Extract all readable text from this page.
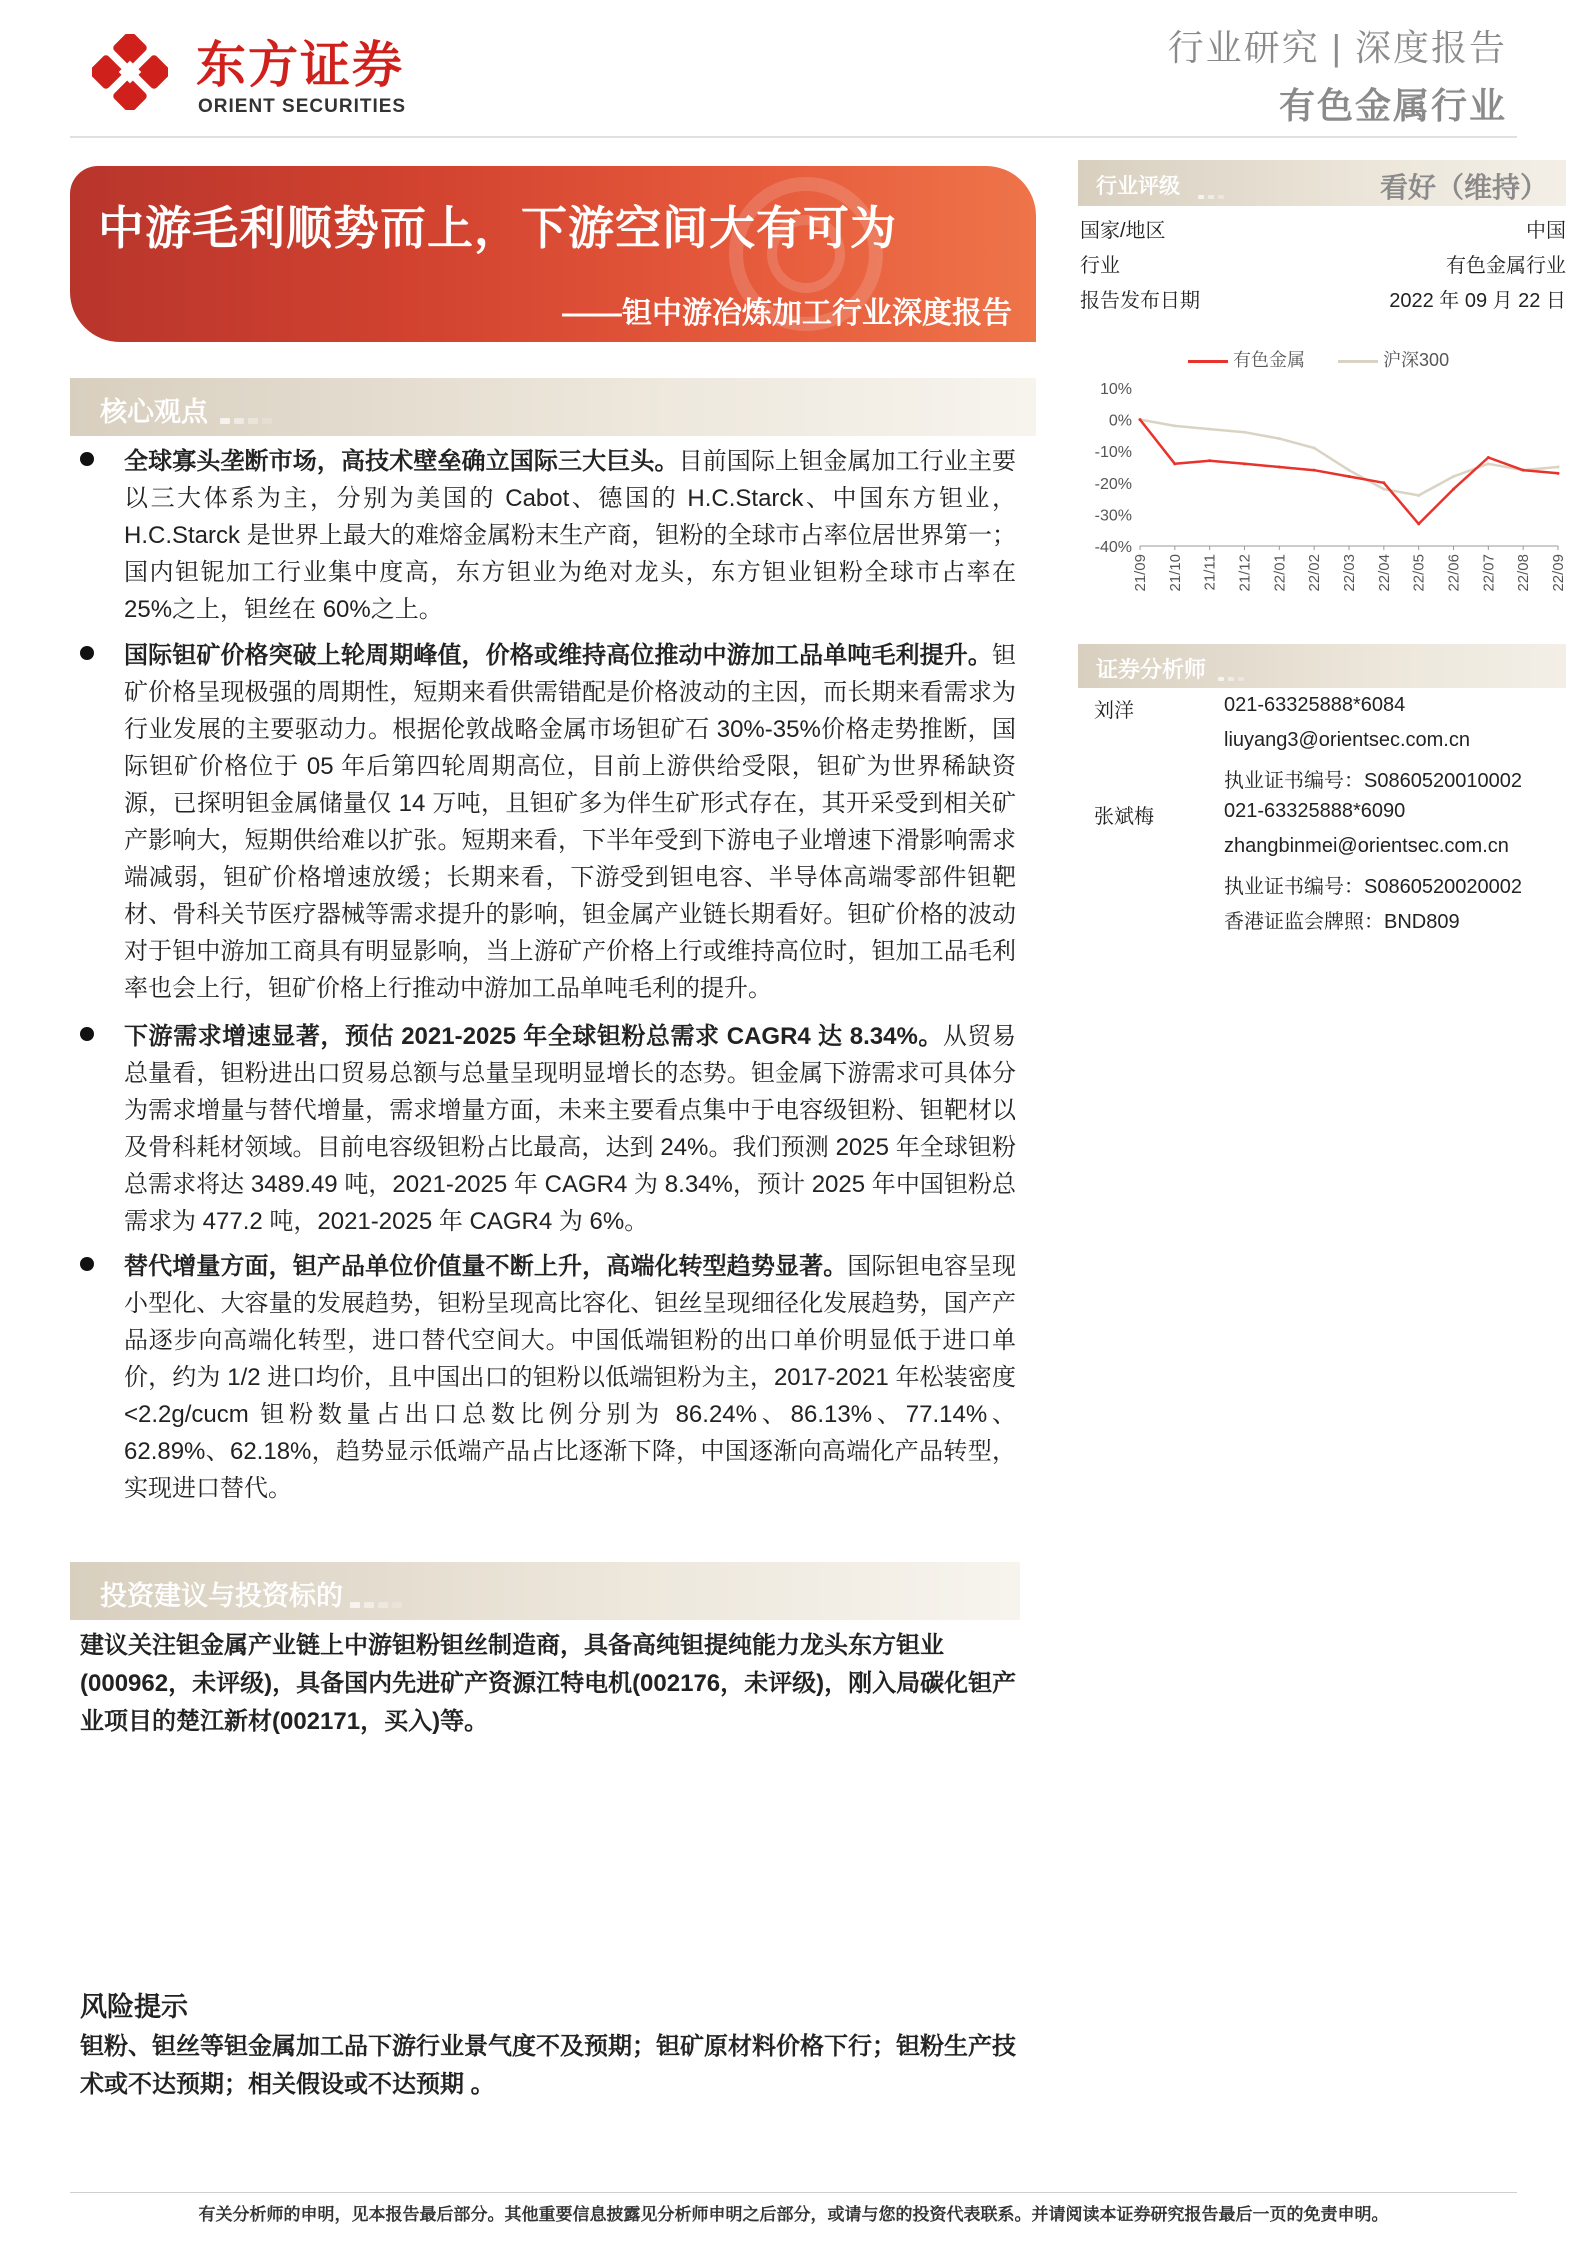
东方证券
ORIENT SECURITIES
行业研究 | 深度报告
有色金属行业
中游毛利顺势而上，下游空间大有可为
——钽中游冶炼加工行业深度报告
核心观点
全球寡头垄断市场，高技术壁垒确立国际三大巨头。目前国际上钽金属加工行业主要以三大体系为主，分别为美国的 Cabot、德国的 H.C.Starck、中国东方钽业，H.C.Starck 是世界上最大的难熔金属粉末生产商，钽粉的全球市占率位居世界第一；国内钽铌加工行业集中度高，东方钽业为绝对龙头，东方钽业钽粉全球市占率在 25%之上，钽丝在 60%之上。
国际钽矿价格突破上轮周期峰值，价格或维持高位推动中游加工品单吨毛利提升。钽矿价格呈现极强的周期性，短期来看供需错配是价格波动的主因，而长期来看需求为行业发展的主要驱动力。根据伦敦战略金属市场钽矿石 30%-35%价格走势推断，国际钽矿价格位于 05 年后第四轮周期高位，目前上游供给受限，钽矿为世界稀缺资源，已探明钽金属储量仅 14 万吨，且钽矿多为伴生矿形式存在，其开采受到相关矿产影响大，短期供给难以扩张。短期来看，下半年受到下游电子业增速下滑影响需求端减弱，钽矿价格增速放缓；长期来看，下游受到钽电容、半导体高端零部件钽靶材、骨科关节医疗器械等需求提升的影响，钽金属产业链长期看好。钽矿价格的波动对于钽中游加工商具有明显影响，当上游矿产价格上行或维持高位时，钽加工品毛利率也会上行，钽矿价格上行推动中游加工品单吨毛利的提升。
下游需求增速显著，预估 2021-2025 年全球钽粉总需求 CAGR4 达 8.34%。从贸易总量看，钽粉进出口贸易总额与总量呈现明显增长的态势。钽金属下游需求可具体分为需求增量与替代增量，需求增量方面，未来主要看点集中于电容级钽粉、钽靶材以及骨科耗材领域。目前电容级钽粉占比最高，达到 24%。我们预测 2025 年全球钽粉总需求将达 3489.49 吨，2021-2025 年 CAGR4 为 8.34%，预计 2025 年中国钽粉总需求为 477.2 吨，2021-2025 年 CAGR4 为 6%。
替代增量方面，钽产品单位价值量不断上升，高端化转型趋势显著。国际钽电容呈现小型化、大容量的发展趋势，钽粉呈现高比容化、钽丝呈现细径化发展趋势，国产产品逐步向高端化转型，进口替代空间大。中国低端钽粉的出口单价明显低于进口单价，约为 1/2 进口均价，且中国出口的钽粉以低端钽粉为主，2017-2021 年松装密度<2.2g/cucm 钽粉数量占出口总数比例分别为 86.24%、86.13%、77.14%、62.89%、62.18%，趋势显示低端产品占比逐渐下降，中国逐渐向高端化产品转型，实现进口替代。
投资建议与投资标的
建议关注钽金属产业链上中游钽粉钽丝制造商，具备高纯钽提纯能力龙头东方钽业(000962，未评级)，具备国内先进矿产资源江特电机(002176，未评级)，刚入局碳化钽产业项目的楚江新材(002171，买入)等。
风险提示
钽粉、钽丝等钽金属加工品下游行业景气度不及预期；钽矿原材料价格下行；钽粉生产技术或不达预期；相关假设或不达预期 。
行业评级	看好（维持）
国家/地区	中国
行业	有色金属行业
报告发布日期	2022 年 09 月 22 日
有色金属	沪深300
10%
0%
-10%
-20%
-30%
-40%
21/09 21/10 21/11 21/12 22/01 22/02 22/03 22/04 22/05 22/06 22/07 22/08 22/09
证券分析师
刘洋	021-63325888*6084
liuyang3@orientsec.com.cn
执业证书编号：S0860520010002
张斌梅	021-63325888*6090
zhangbinmei@orientsec.com.cn
执业证书编号：S0860520020002
香港证监会牌照：BND809
有关分析师的申明，见本报告最后部分。其他重要信息披露见分析师申明之后部分，或请与您的投资代表联系。并请阅读本证券研究报告最后一页的免责申明。
